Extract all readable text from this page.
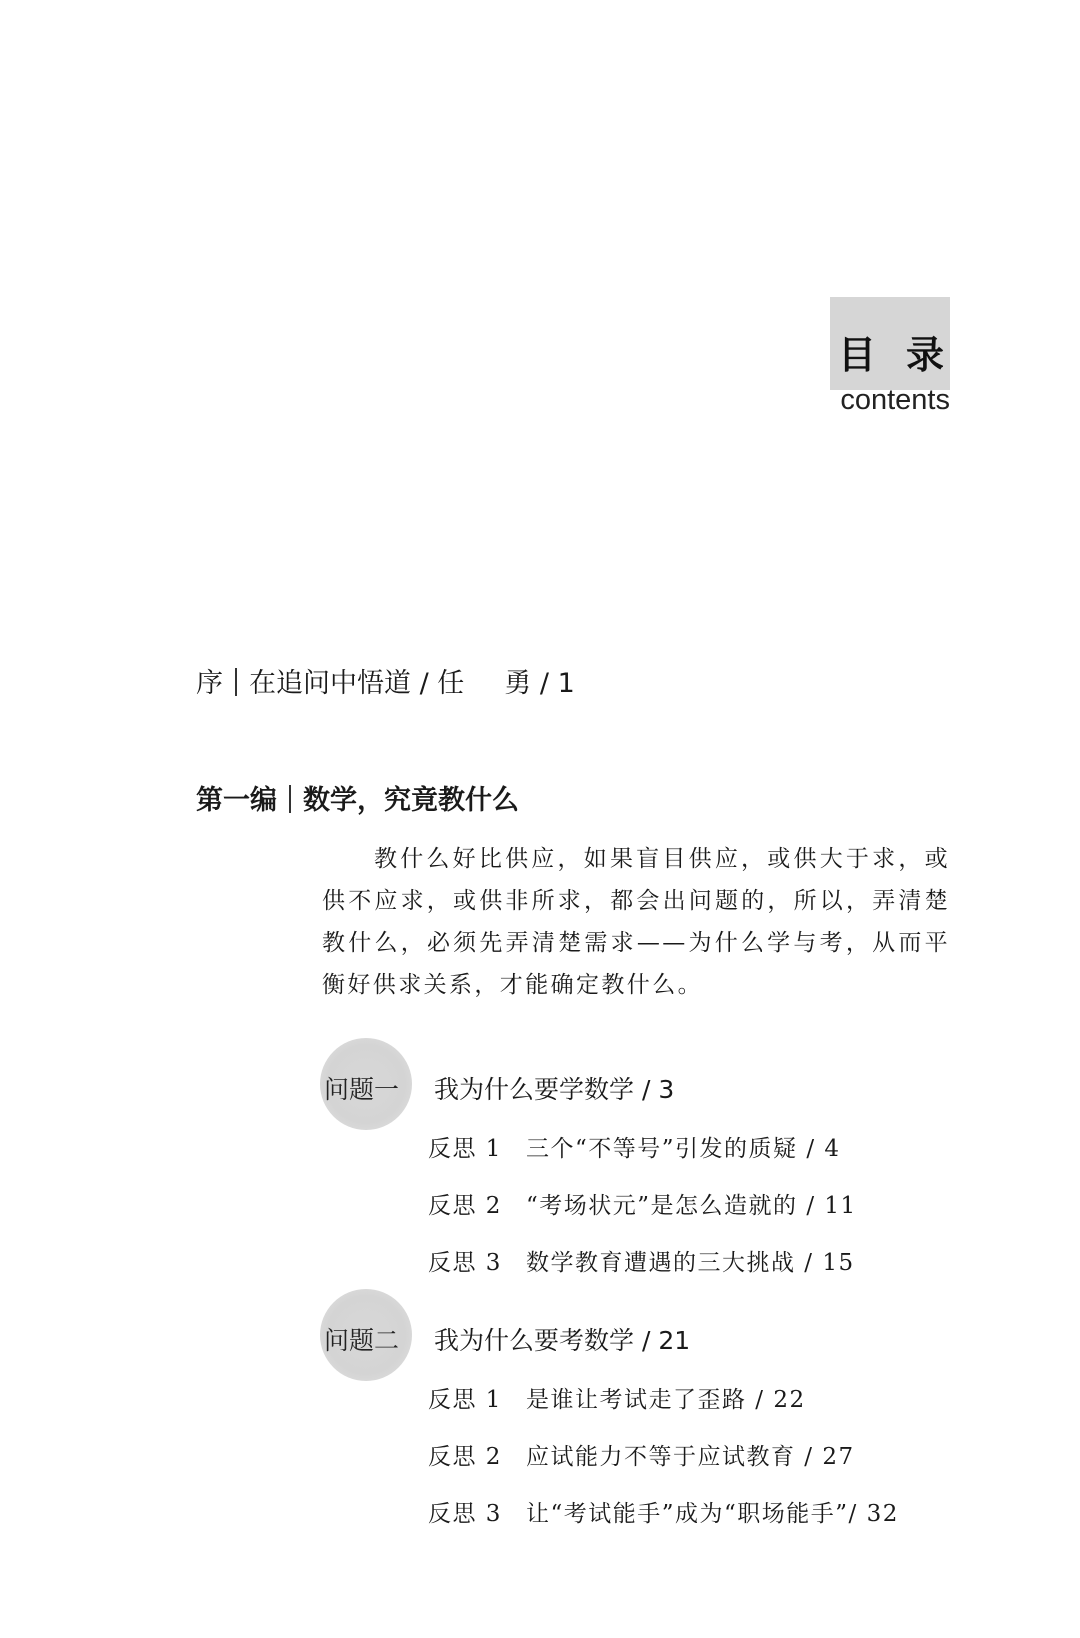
目录
contents
序 在追问中悟道 / 任 勇 / 1
第一编 数学，究竟教什么
教什么好比供应，如果盲目供应，或供大于求，或供不应求，或供非所求，都会出问题的，所以，弄清楚教什么，必须先弄清楚需求——为什么学与考，从而平衡好供求关系，才能确定教什么。
问题一 我为什么要学数学 / 3
反思 1 三个“不等号”引发的质疑 / 4
反思 2 “考场状元”是怎么造就的 / 11
反思 3 数学教育遭遇的三大挑战 / 15
问题二 我为什么要考数学 / 21
反思 1 是谁让考试走了歪路 / 22
反思 2 应试能力不等于应试教育 / 27
反思 3 让“考试能手”成为“职场能手”/ 32
